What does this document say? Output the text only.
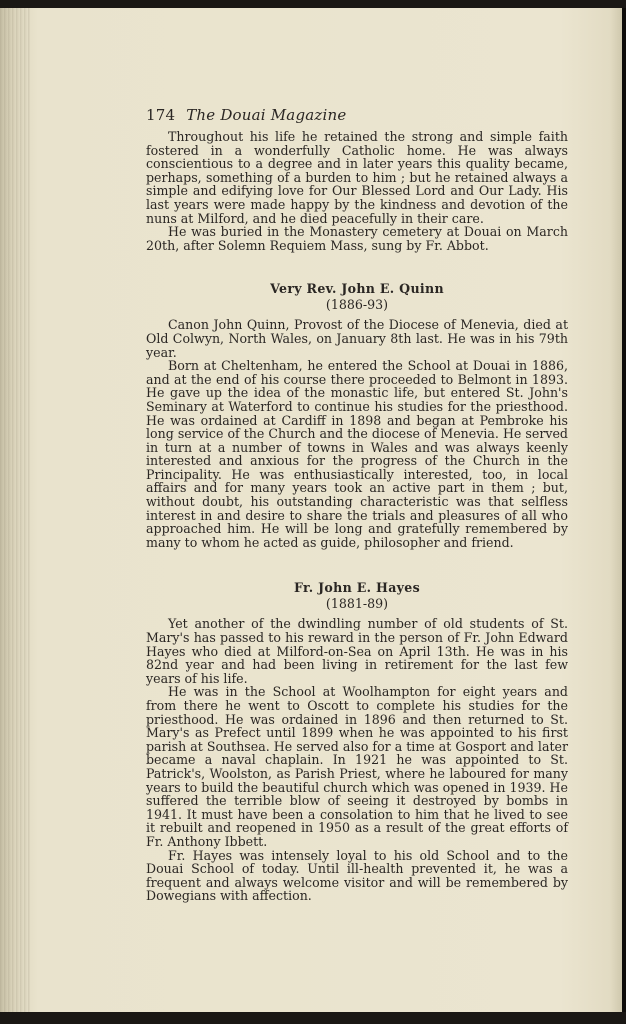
174 The Douai Magazine

Throughout his life he retained the strong and simple faith fostered in a wonderfully Catholic home. He was always conscientious to a degree and in later years this quality became, perhaps, something of a burden to him ; but he retained always a simple and edifying love for Our Blessed Lord and Our Lady. His last years were made happy by the kindness and devotion of the nuns at Milford, and he died peacefully in their care.

He was buried in the Monastery cemetery at Douai on March 20th, after Solemn Requiem Mass, sung by Fr. Abbot.

Very Rev. John E. Quinn
(1886-93)

Canon John Quinn, Provost of the Diocese of Menevia, died at Old Colwyn, North Wales, on January 8th last. He was in his 79th year.

Born at Cheltenham, he entered the School at Douai in 1886, and at the end of his course there proceeded to Belmont in 1893. He gave up the idea of the monastic life, but entered St. John's Seminary at Waterford to continue his studies for the priesthood. He was ordained at Cardiff in 1898 and began at Pembroke his long service of the Church and the diocese of Menevia. He served in turn at a number of towns in Wales and was always keenly interested and anxious for the progress of the Church in the Principality. He was enthusiastically interested, too, in local affairs and for many years took an active part in them ; but, without doubt, his outstanding characteristic was that selfless interest in and desire to share the trials and pleasures of all who approached him. He will be long and gratefully remembered by many to whom he acted as guide, philosopher and friend.

Fr. John E. Hayes
(1881-89)

Yet another of the dwindling number of old students of St. Mary's has passed to his reward in the person of Fr. John Edward Hayes who died at Milford-on-Sea on April 13th. He was in his 82nd year and had been living in retirement for the last few years of his life.

He was in the School at Woolhampton for eight years and from there he went to Oscott to complete his studies for the priesthood. He was ordained in 1896 and then returned to St. Mary's as Prefect until 1899 when he was appointed to his first parish at Southsea. He served also for a time at Gosport and later became a naval chaplain. In 1921 he was appointed to St. Patrick's, Woolston, as Parish Priest, where he laboured for many years to build the beautiful church which was opened in 1939. He suffered the terrible blow of seeing it destroyed by bombs in 1941. It must have been a consolation to him that he lived to see it rebuilt and reopened in 1950 as a result of the great efforts of Fr. Anthony Ibbett.

Fr. Hayes was intensely loyal to his old School and to the Douai School of today. Until ill-health prevented it, he was a frequent and always welcome visitor and will be remembered by Dowegians with affection.
